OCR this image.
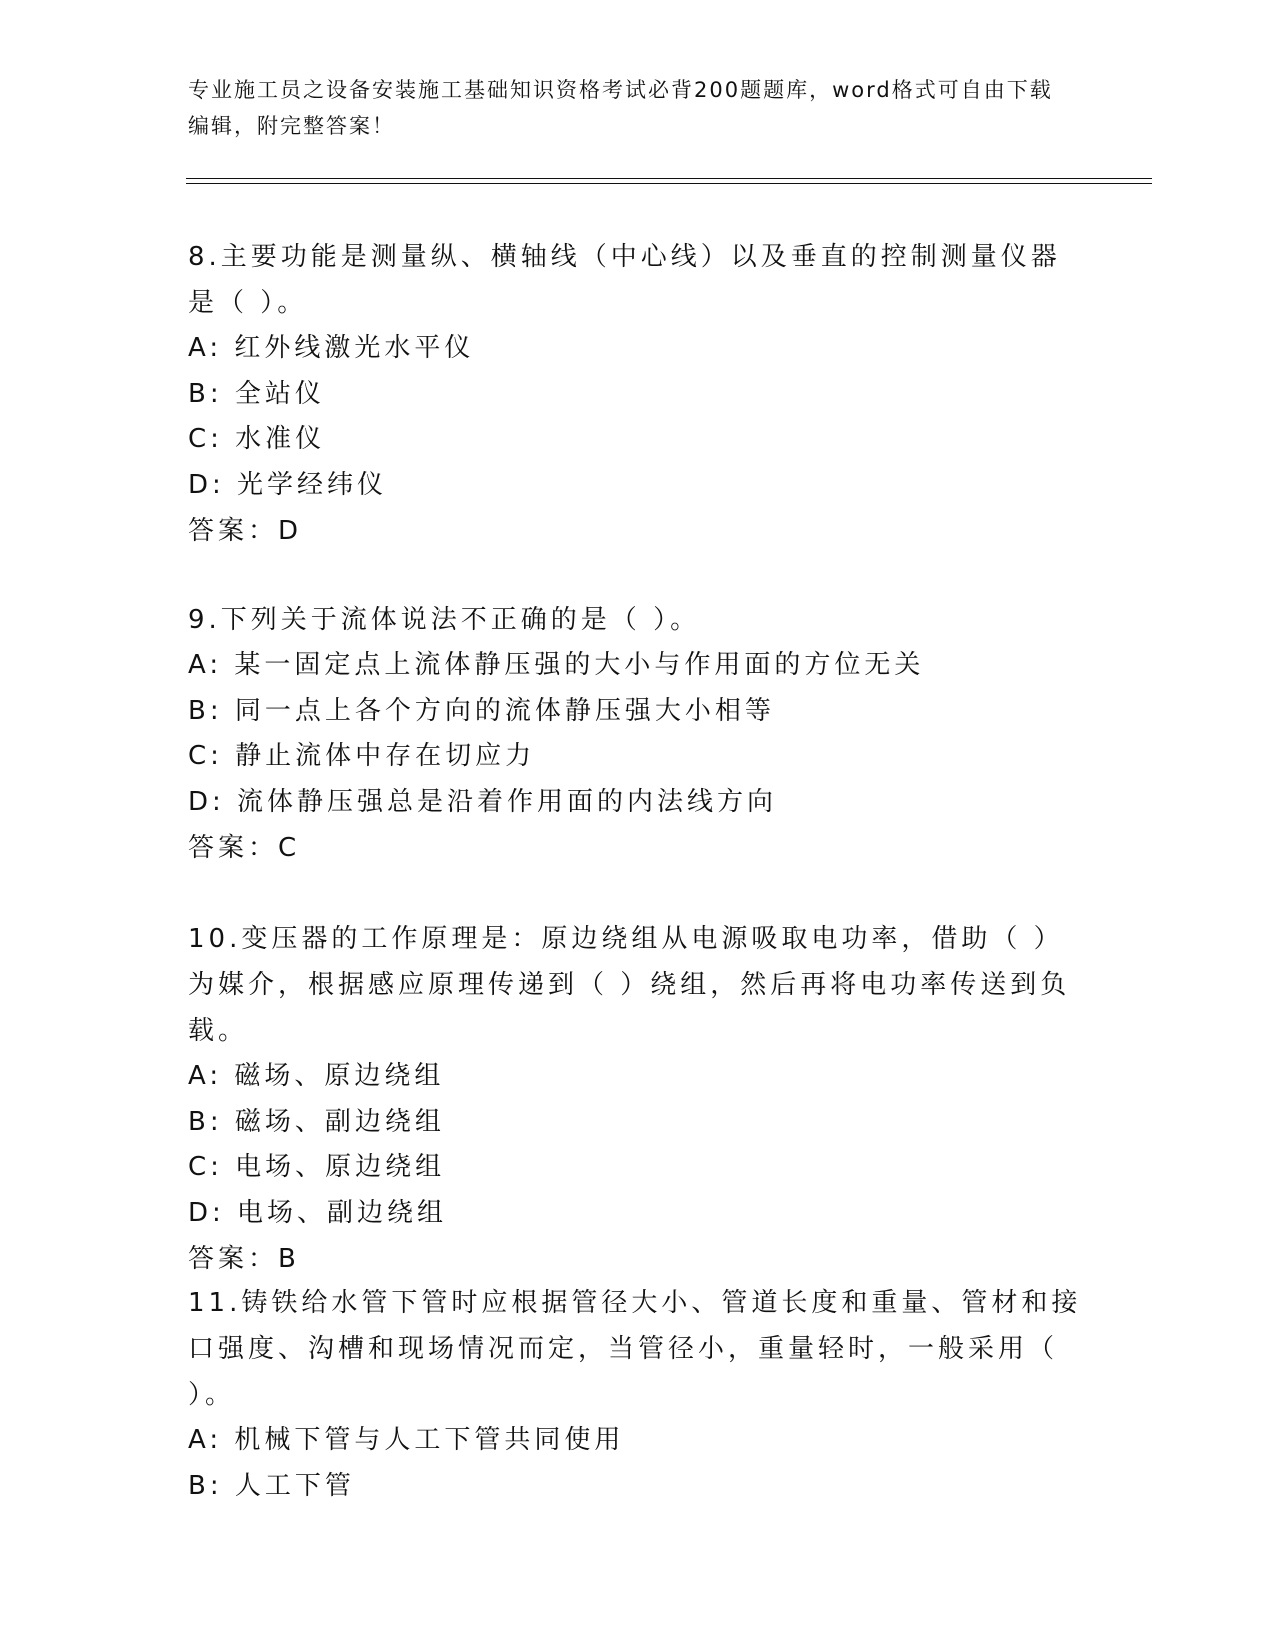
专业施工员之设备安装施工基础知识资格考试必背200题题库，word格式可自由下载编辑，附完整答案！

8.主要功能是测量纵、横轴线（中心线）以及垂直的控制测量仪器是（ ）。

A: 红外线激光水平仪

B: 全站仪

C: 水准仪

D: 光学经纬仪

答案：D

9.下列关于流体说法不正确的是（ ）。

A: 某一固定点上流体静压强的大小与作用面的方位无关

B: 同一点上各个方向的流体静压强大小相等

C: 静止流体中存在切应力

D: 流体静压强总是沿着作用面的内法线方向

答案：C

10.变压器的工作原理是：原边绕组从电源吸取电功率，借助（ ）为媒介，根据感应原理传递到（ ）绕组，然后再将电功率传送到负载。

A: 磁场、原边绕组

B: 磁场、副边绕组

C: 电场、原边绕组

D: 电场、副边绕组

答案：B

11.铸铁给水管下管时应根据管径大小、管道长度和重量、管材和接口强度、沟槽和现场情况而定，当管径小，重量轻时，一般采用（ ）。

A: 机械下管与人工下管共同使用

B: 人工下管
